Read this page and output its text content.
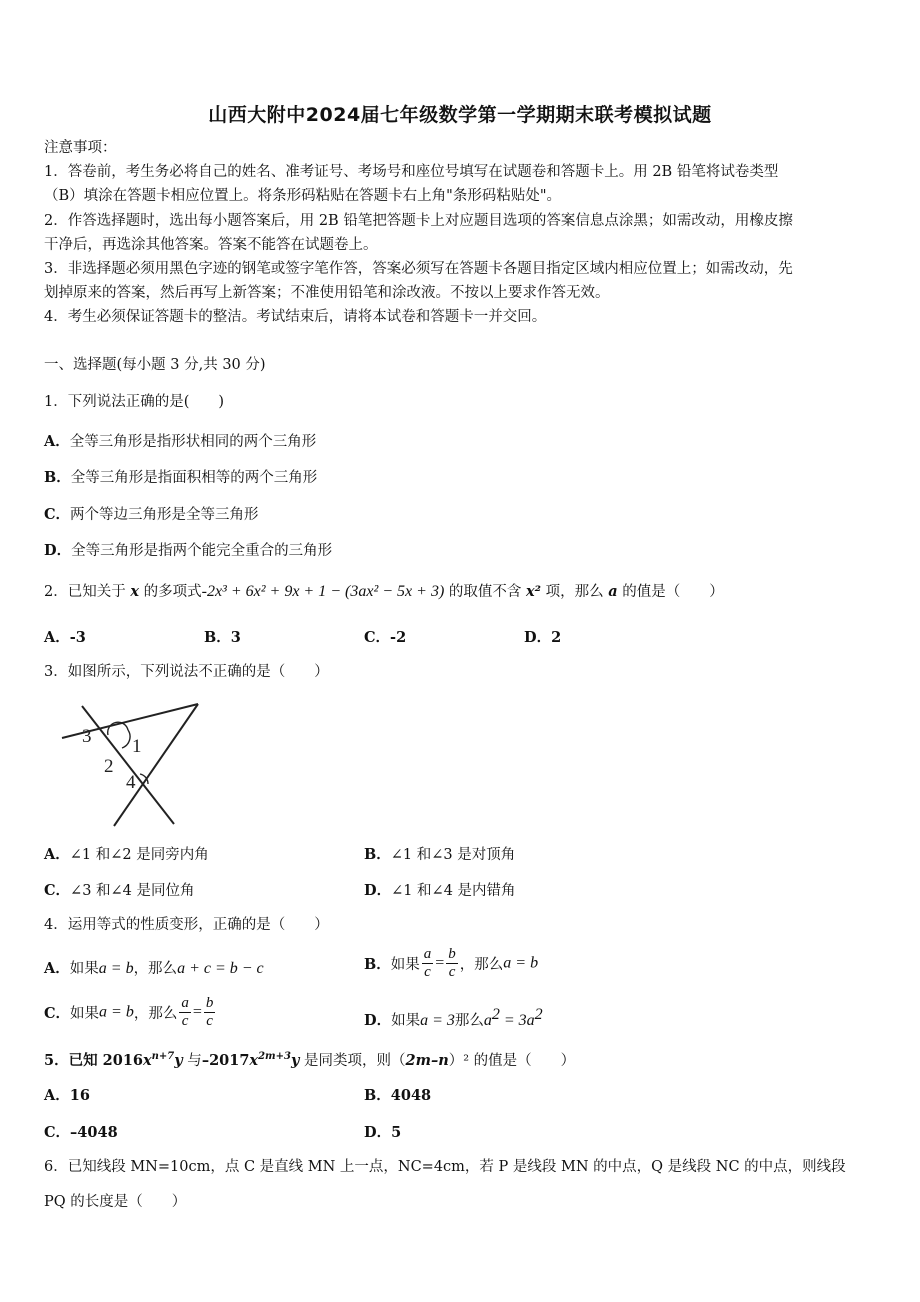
山西大附中2024届七年级数学第一学期期末联考模拟试题
注意事项：
1．答卷前，考生务必将自己的姓名、准考证号、考场号和座位号填写在试题卷和答题卡上。用 2B 铅笔将试卷类型
（B）填涂在答题卡相应位置上。将条形码粘贴在答题卡右上角"条形码粘贴处"。
2．作答选择题时，选出每小题答案后，用 2B 铅笔把答题卡上对应题目选项的答案信息点涂黑；如需改动，用橡皮擦
干净后，再选涂其他答案。答案不能答在试题卷上。
3．非选择题必须用黑色字迹的钢笔或签字笔作答，答案必须写在答题卡各题目指定区域内相应位置上；如需改动，先
划掉原来的答案，然后再写上新答案；不准使用铅笔和涂改液。不按以上要求作答无效。
4．考生必须保证答题卡的整洁。考试结束后，请将本试卷和答题卡一并交回。
一、选择题(每小题 3 分,共 30 分)
1．下列说法正确的是(　　)
A．全等三角形是指形状相同的两个三角形
B．全等三角形是指面积相等的两个三角形
C．两个等边三角形是全等三角形
D．全等三角形是指两个能完全重合的三角形
2．已知关于 x 的多项式-2x³ + 6x² + 9x + 1 − (3ax² − 5x + 3) 的取值不含 x² 项，那么 a 的值是（　　）
A．-3	B．3	C．-2	D．2
3．如图所示，下列说法不正确的是（　　）
3 1
2
4
A．∠1 和∠2 是同旁内角	B．∠1 和∠3 是对顶角
C．∠3 和∠4 是同位角	D．∠1 和∠4 是内错角
4．运用等式的性质变形，正确的是（　　）
A．如果a = b，那么a + c = b − c	B．如果 $\frac{a}{c} = \frac{b}{c}$ ，那么a = b
C．如果a = b，那么 $\frac{a}{c} = \frac{b}{c}$	D．如果a = 3那么$a^2 = 3a^2$
5．已知 $2016x^{n+7}y$ 与$-2017x^{2m+3}y$ 是同类项，则（2m–n）² 的值是（　　）
A．16	B．4048
C．–4048	D．5
6．已知线段 MN=10cm，点 C 是直线 MN 上一点，NC=4cm，若 P 是线段 MN 的中点，Q 是线段 NC 的中点，则线段
PQ 的长度是（　　）
